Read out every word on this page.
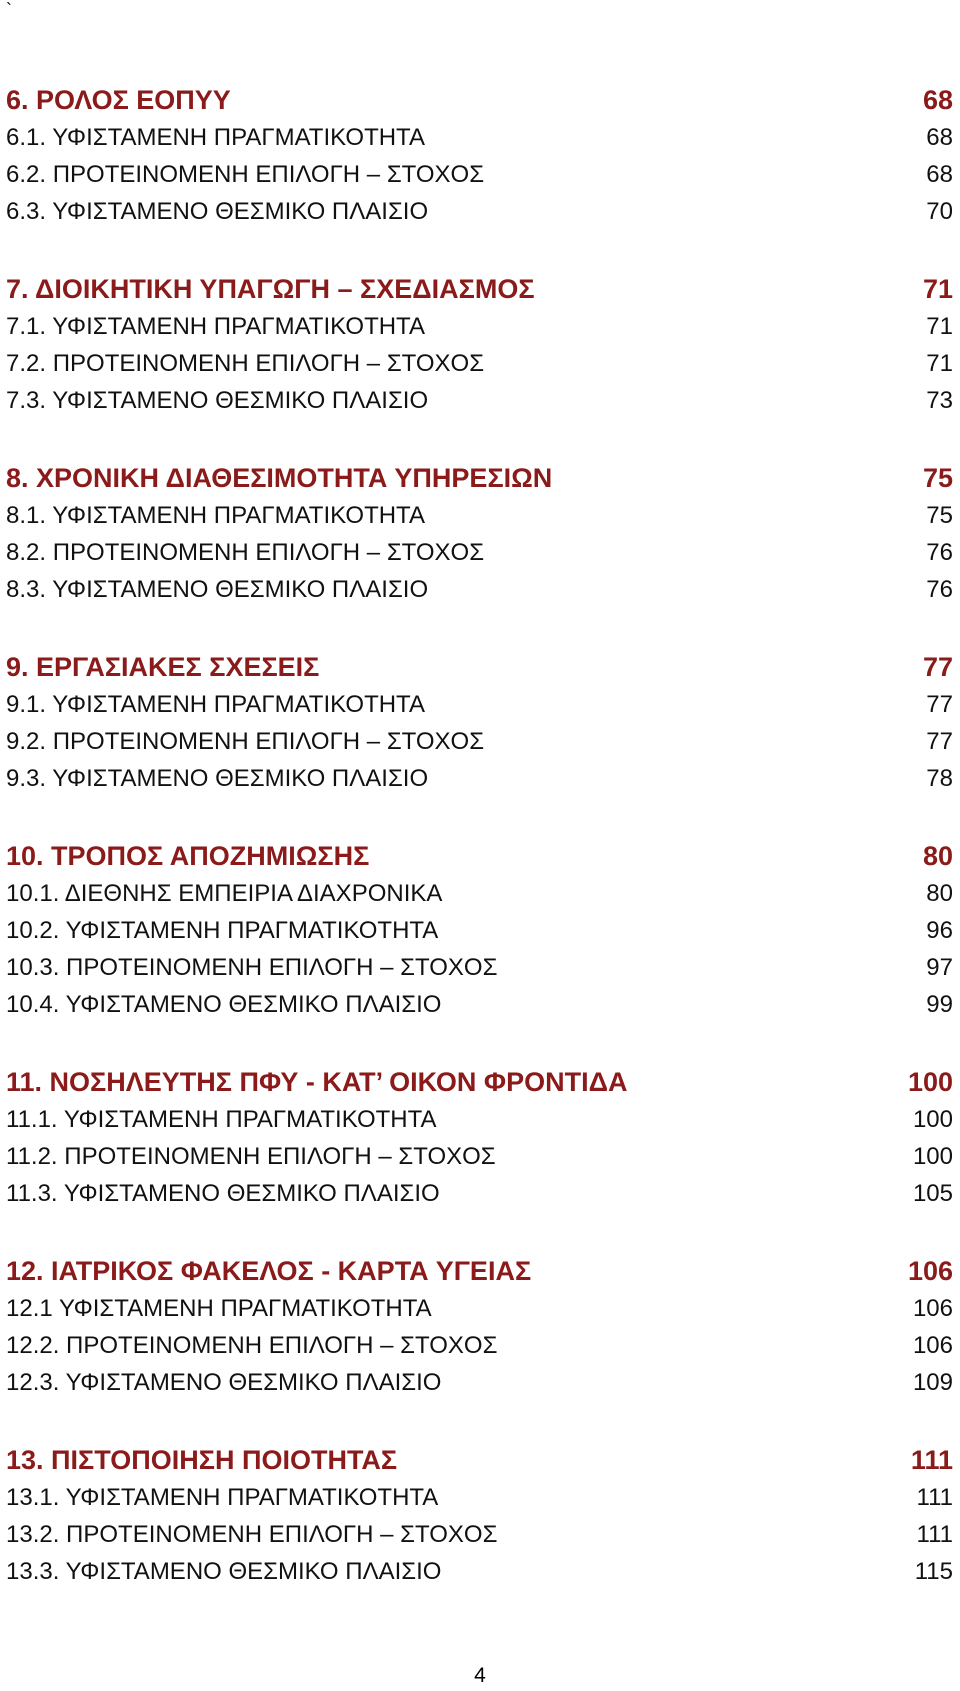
`
6. ΡΟΛΟΣ ΕΟΠΥΥ	68
6.1. ΥΦΙΣΤΑΜΕΝΗ ΠΡΑΓΜΑΤΙΚΟΤΗΤΑ	68
6.2. ΠΡΟΤΕΙΝΟΜΕΝΗ ΕΠΙΛΟΓΗ – ΣΤΟΧΟΣ	68
6.3. ΥΦΙΣΤΑΜΕΝΟ ΘΕΣΜΙΚΟ ΠΛΑΙΣΙΟ	70
7. ΔΙΟΙΚΗΤΙΚΗ ΥΠΑΓΩΓΗ – ΣΧΕΔΙΑΣΜΟΣ	71
7.1. ΥΦΙΣΤΑΜΕΝΗ ΠΡΑΓΜΑΤΙΚΟΤΗΤΑ	71
7.2. ΠΡΟΤΕΙΝΟΜΕΝΗ ΕΠΙΛΟΓΗ – ΣΤΟΧΟΣ	71
7.3. ΥΦΙΣΤΑΜΕΝΟ ΘΕΣΜΙΚΟ ΠΛΑΙΣΙΟ	73
8. ΧΡΟΝΙΚΗ ΔΙΑΘΕΣΙΜΟΤΗΤΑ ΥΠΗΡΕΣΙΩΝ	75
8.1. ΥΦΙΣΤΑΜΕΝΗ ΠΡΑΓΜΑΤΙΚΟΤΗΤΑ	75
8.2. ΠΡΟΤΕΙΝΟΜΕΝΗ ΕΠΙΛΟΓΗ – ΣΤΟΧΟΣ	76
8.3. ΥΦΙΣΤΑΜΕΝΟ ΘΕΣΜΙΚΟ ΠΛΑΙΣΙΟ	76
9. ΕΡΓΑΣΙΑΚΕΣ ΣΧΕΣΕΙΣ	77
9.1. ΥΦΙΣΤΑΜΕΝΗ ΠΡΑΓΜΑΤΙΚΟΤΗΤΑ	77
9.2. ΠΡΟΤΕΙΝΟΜΕΝΗ ΕΠΙΛΟΓΗ – ΣΤΟΧΟΣ	77
9.3. ΥΦΙΣΤΑΜΕΝΟ ΘΕΣΜΙΚΟ ΠΛΑΙΣΙΟ	78
10. ΤΡΟΠΟΣ ΑΠΟΖΗΜΙΩΣΗΣ	80
10.1. ΔΙΕΘΝΗΣ ΕΜΠΕΙΡΙΑ ΔΙΑΧΡΟΝΙΚΑ	80
10.2. ΥΦΙΣΤΑΜΕΝΗ ΠΡΑΓΜΑΤΙΚΟΤΗΤΑ	96
10.3. ΠΡΟΤΕΙΝΟΜΕΝΗ ΕΠΙΛΟΓΗ – ΣΤΟΧΟΣ	97
10.4. ΥΦΙΣΤΑΜΕΝΟ ΘΕΣΜΙΚΟ ΠΛΑΙΣΙΟ	99
11. ΝΟΣΗΛΕΥΤΗΣ ΠΦΥ - ΚΑΤ’ ΟΙΚΟΝ ΦΡΟΝΤΙΔΑ	100
11.1. ΥΦΙΣΤΑΜΕΝΗ ΠΡΑΓΜΑΤΙΚΟΤΗΤΑ	100
11.2. ΠΡΟΤΕΙΝΟΜΕΝΗ ΕΠΙΛΟΓΗ – ΣΤΟΧΟΣ	100
11.3. ΥΦΙΣΤΑΜΕΝΟ ΘΕΣΜΙΚΟ ΠΛΑΙΣΙΟ	105
12. ΙΑΤΡΙΚΟΣ ΦΑΚΕΛΟΣ - ΚΑΡΤΑ ΥΓΕΙΑΣ	106
12.1 ΥΦΙΣΤΑΜΕΝΗ ΠΡΑΓΜΑΤΙΚΟΤΗΤΑ	106
12.2. ΠΡΟΤΕΙΝΟΜΕΝΗ ΕΠΙΛΟΓΗ – ΣΤΟΧΟΣ	106
12.3. ΥΦΙΣΤΑΜΕΝΟ ΘΕΣΜΙΚΟ ΠΛΑΙΣΙΟ	109
13. ΠΙΣΤΟΠΟΙΗΣΗ ΠΟΙΟΤΗΤΑΣ	111
13.1. ΥΦΙΣΤΑΜΕΝΗ ΠΡΑΓΜΑΤΙΚΟΤΗΤΑ	111
13.2. ΠΡΟΤΕΙΝΟΜΕΝΗ ΕΠΙΛΟΓΗ – ΣΤΟΧΟΣ	111
13.3. ΥΦΙΣΤΑΜΕΝΟ ΘΕΣΜΙΚΟ ΠΛΑΙΣΙΟ	115
4
